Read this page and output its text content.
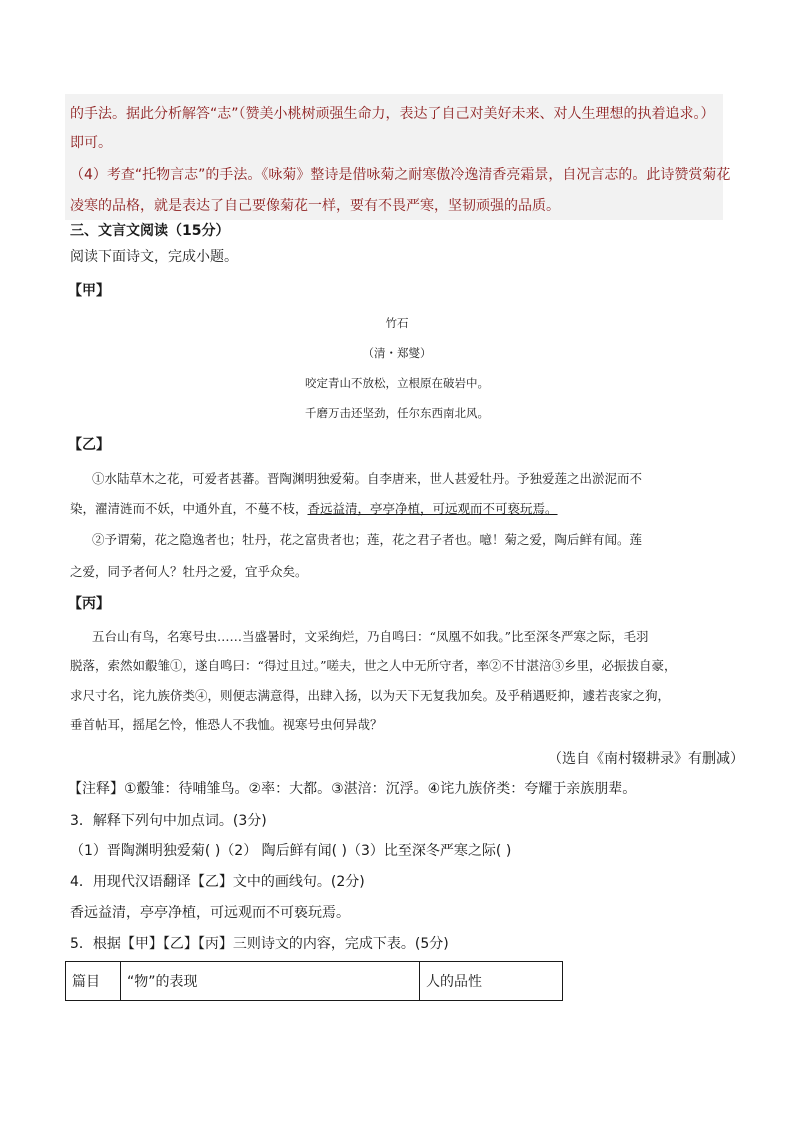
的手法。据此分析解答“志”（赞美小桃树顽强生命力，表达了自己对美好未来、对人生理想的执着追求。）
即可。
（4）考查“托物言志”的手法。《咏菊》整诗是借咏菊之耐寒傲冷逸清香亮霜景，自况言志的。此诗赞赏菊花
凌寒的品格，就是表达了自己要像菊花一样，要有不畏严寒，坚韧顽强的品质。
三、文言文阅读（15分）
阅读下面诗文，完成小题。
【甲】
竹石
（清・郑燮）
咬定青山不放松，立根原在破岩中。
千磨万击还坚劲，任尔东西南北风。
【乙】
①水陆草木之花，可爱者甚蕃。晋陶渊明独爱菊。自李唐来，世人甚爱牡丹。予独爱莲之出淤泥而不
染，濯清涟而不妖，中通外直，不蔓不枝，香远益清，亭亭净植，可远观而不可亵玩焉。
②予谓菊，花之隐逸者也；牡丹，花之富贵者也；莲，花之君子者也。噫！菊之爱，陶后鲜有闻。莲
之爱，同予者何人？牡丹之爱，宜乎众矣。
【丙】
五台山有鸟，名寒号虫……当盛暑时，文采绚烂，乃自鸣曰：“凤凰不如我。”比至深冬严寒之际，毛羽
脱落，索然如鷇雏①，遂自鸣曰：“得过且过。”嗟夫，世之人中无所守者，率②不甘湛涪③乡里，必振拔自豪，
求尺寸名，诧九族侪类④，则便志满意得，出肆入扬，以为天下无复我加矣。及乎稍遇贬抑，遽若丧家之狗，
垂首帖耳，摇尾乞怜，惟恐人不我恤。视寒号虫何异哉？
（选自《南村辍耕录》有删减）
【注释】①鷇雏：待哺雏鸟。②率：大都。③湛涪：沉浮。④诧九族侪类：夸耀于亲族朋辈。
3．解释下列句中加点词。(3分)
（1）晋陶渊明独爱菊( )（2） 陶后鲜有闻( )（3）比至深冬严寒之际( )
4．用现代汉语翻译【乙】文中的画线句。(2分)
香远益清，亭亭净植，可远观而不可亵玩焉。
5．根据【甲】【乙】【丙】三则诗文的内容，完成下表。(5分)
篇目	“物”的表现	人的品性
